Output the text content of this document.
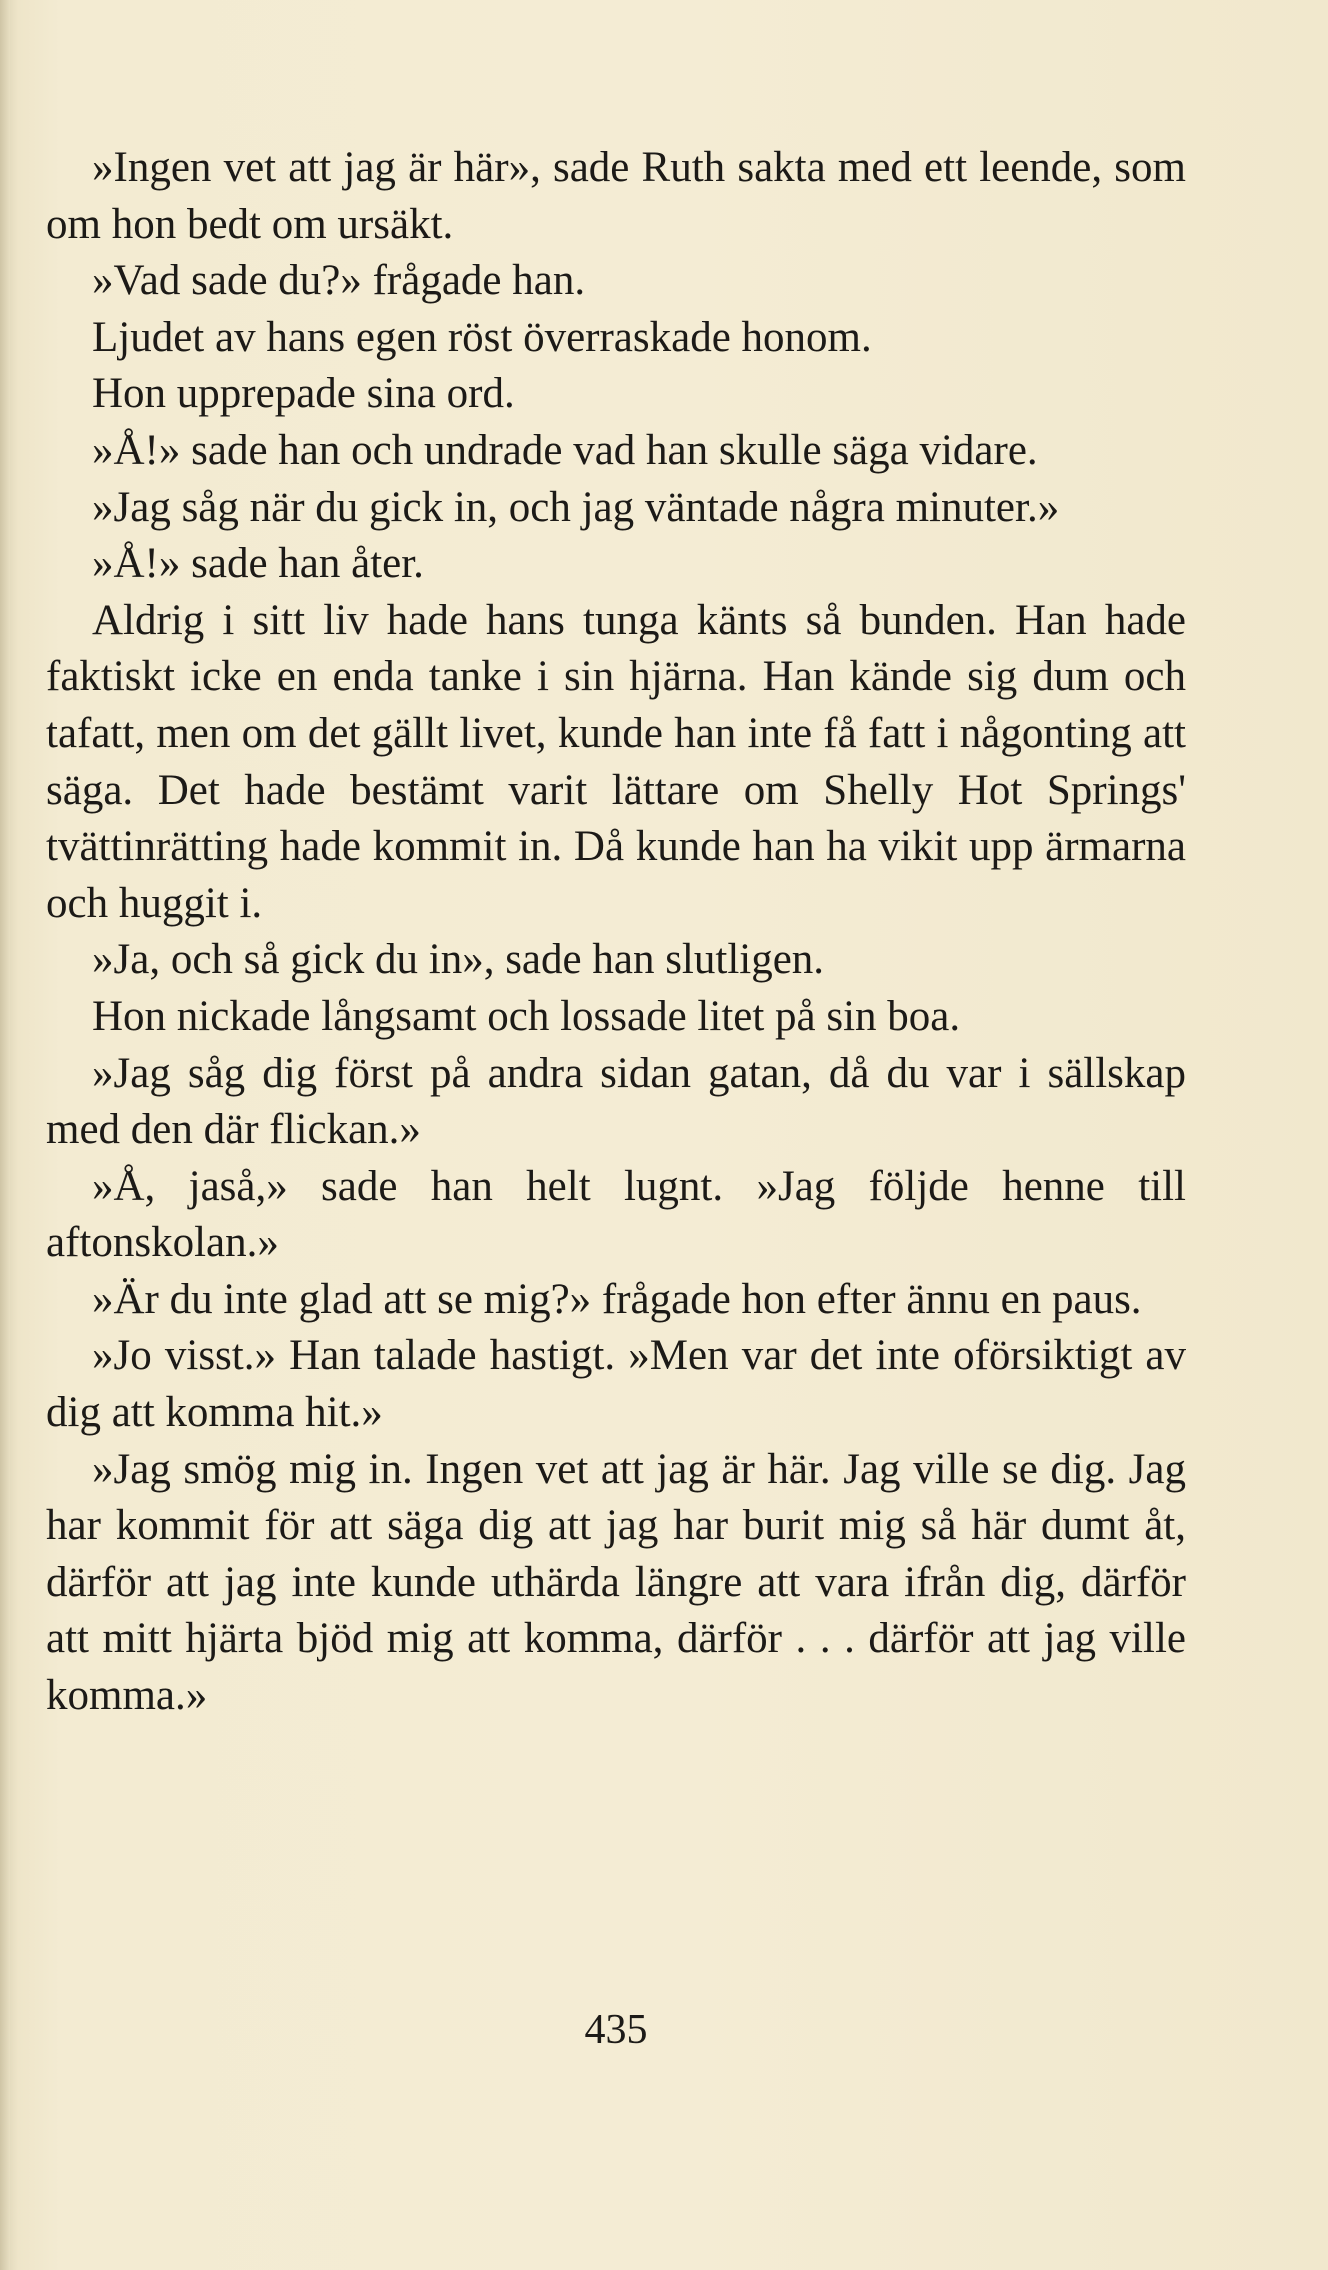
»Ingen vet att jag är här», sade Ruth sakta med ett leende, som om hon bedt om ursäkt.

»Vad sade du?» frågade han.

Ljudet av hans egen röst överraskade honom.

Hon upprepade sina ord.

»Å!» sade han och undrade vad han skulle säga vidare.

»Jag såg när du gick in, och jag väntade några minuter.»

»Å!» sade han åter.

Aldrig i sitt liv hade hans tunga känts så bunden. Han hade faktiskt icke en enda tanke i sin hjärna. Han kände sig dum och tafatt, men om det gällt livet, kunde han inte få fatt i någonting att säga. Det hade bestämt varit lättare om Shelly Hot Springs' tvättinrätting hade kommit in. Då kunde han ha vikit upp ärmarna och huggit i.

»Ja, och så gick du in», sade han slutligen.

Hon nickade långsamt och lossade litet på sin boa.

»Jag såg dig först på andra sidan gatan, då du var i sällskap med den där flickan.»

»Å, jaså,» sade han helt lugnt. »Jag följde henne till aftonskolan.»

»Är du inte glad att se mig?» frågade hon efter ännu en paus.

»Jo visst.» Han talade hastigt. »Men var det inte oförsiktigt av dig att komma hit.»

»Jag smög mig in. Ingen vet att jag är här. Jag ville se dig. Jag har kommit för att säga dig att jag har burit mig så här dumt åt, därför att jag inte kunde uthärda längre att vara ifrån dig, därför att mitt hjärta bjöd mig att komma, därför . . . därför att jag ville komma.»

435
